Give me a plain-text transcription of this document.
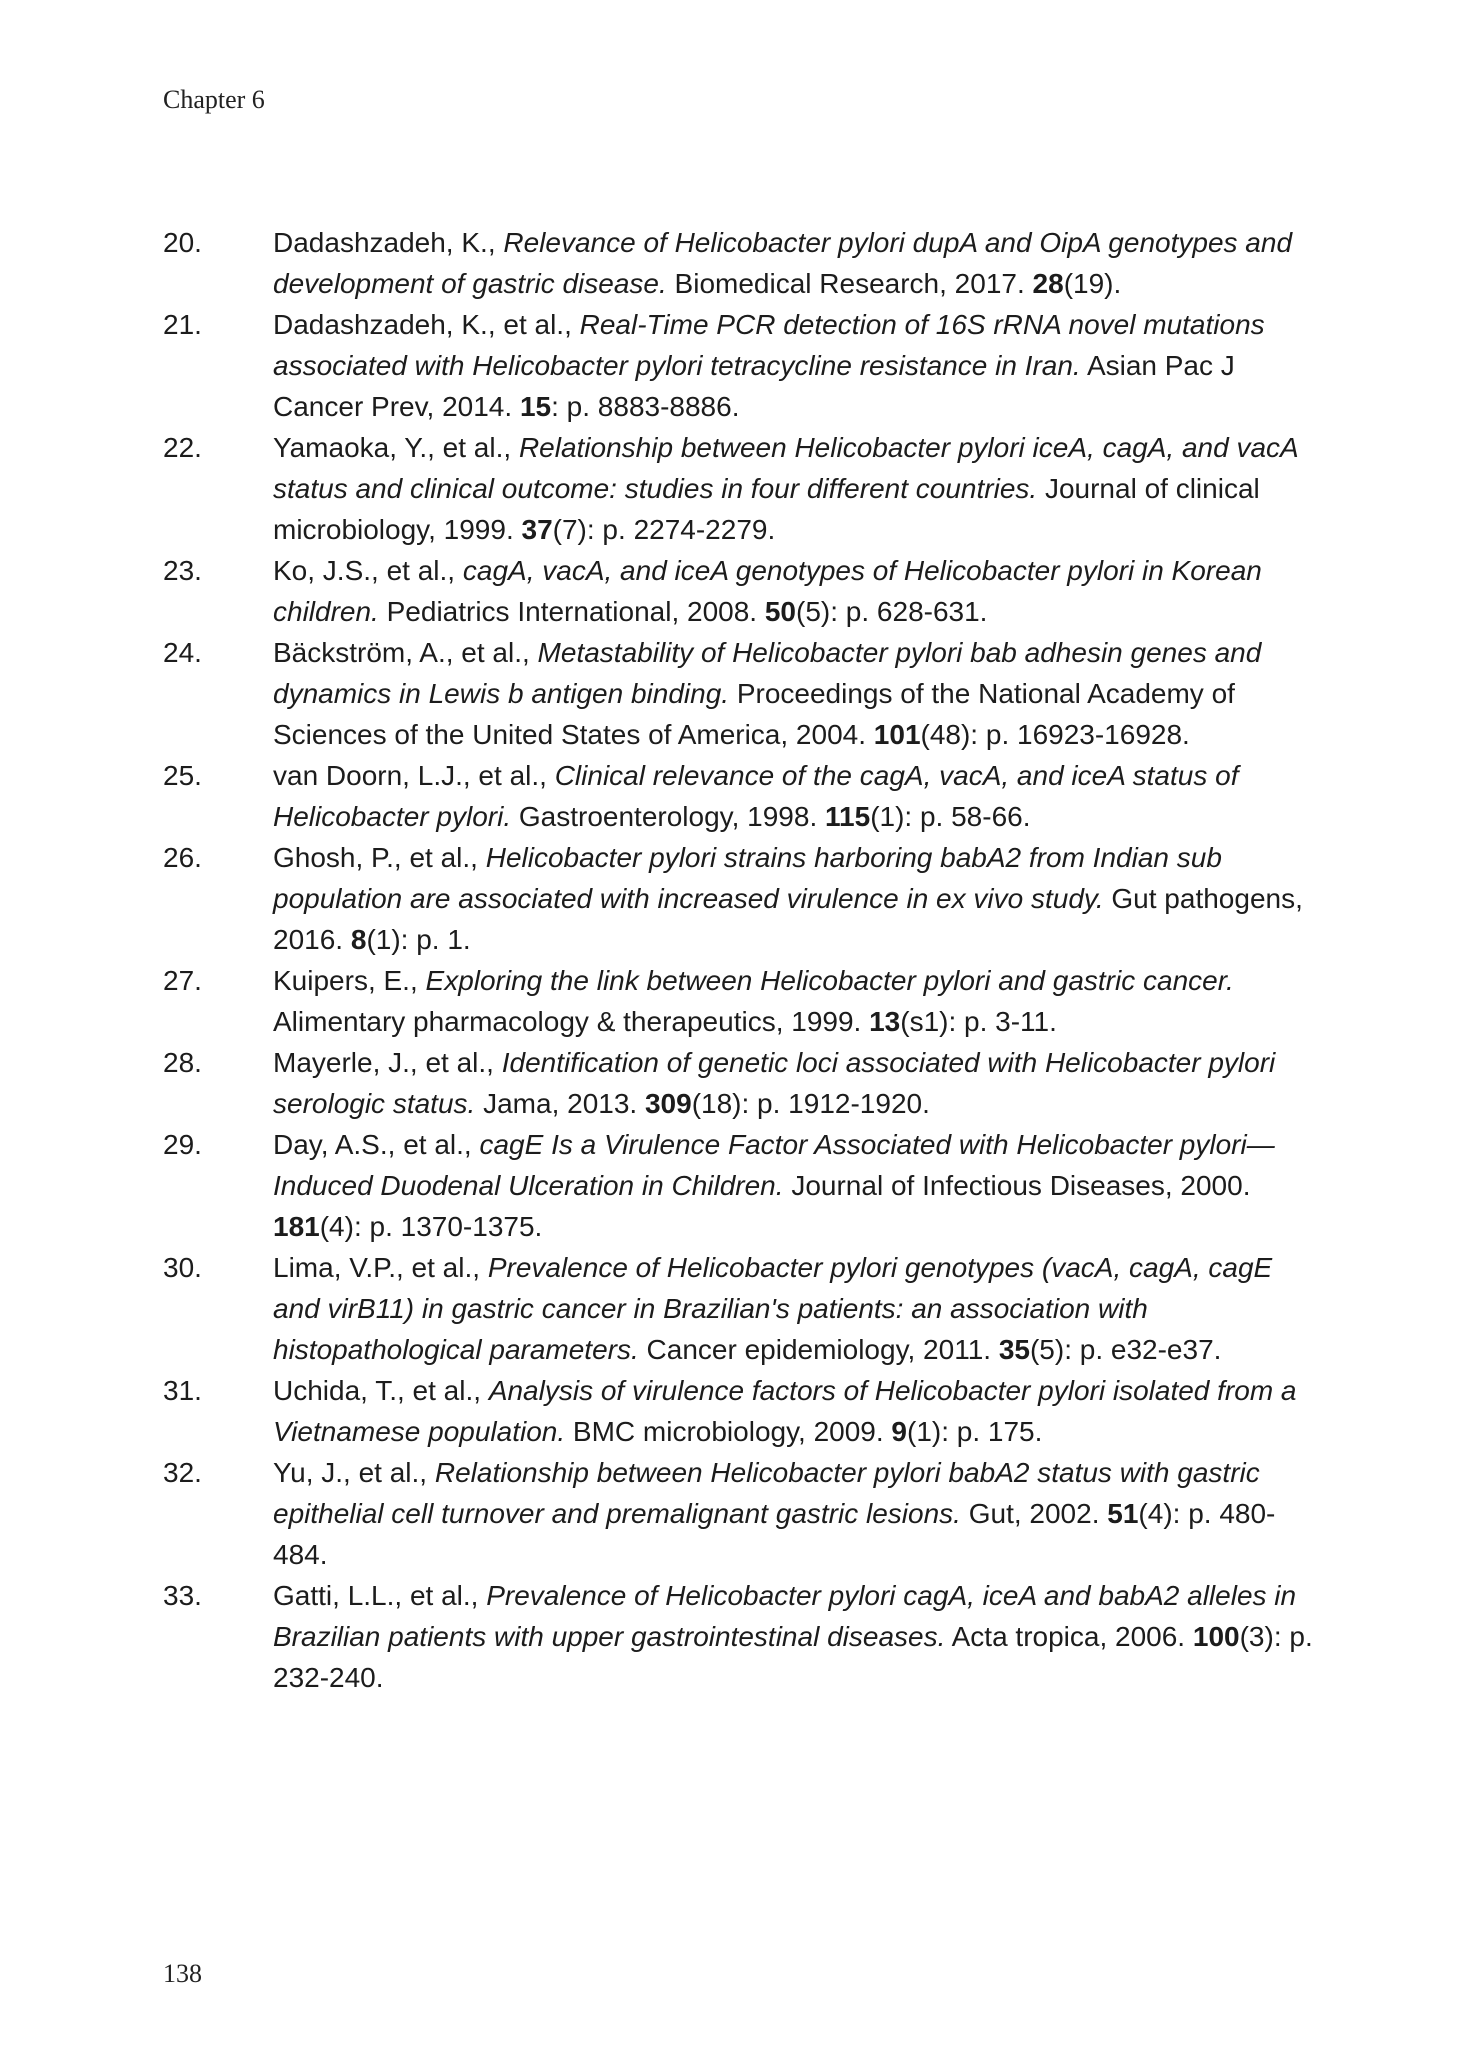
Chapter 6
20.	Dadashzadeh, K., Relevance of Helicobacter pylori dupA and OipA genotypes and development of gastric disease. Biomedical Research, 2017. 28(19).
21.	Dadashzadeh, K., et al., Real-Time PCR detection of 16S rRNA novel mutations associated with Helicobacter pylori tetracycline resistance in Iran. Asian Pac J Cancer Prev, 2014. 15: p. 8883-8886.
22.	Yamaoka, Y., et al., Relationship between Helicobacter pylori iceA, cagA, and vacA status and clinical outcome: studies in four different countries. Journal of clinical microbiology, 1999. 37(7): p. 2274-2279.
23.	Ko, J.S., et al., cagA, vacA, and iceA genotypes of Helicobacter pylori in Korean children. Pediatrics International, 2008. 50(5): p. 628-631.
24.	Bäckström, A., et al., Metastability of Helicobacter pylori bab adhesin genes and dynamics in Lewis b antigen binding. Proceedings of the National Academy of Sciences of the United States of America, 2004. 101(48): p. 16923-16928.
25.	van Doorn, L.J., et al., Clinical relevance of the cagA, vacA, and iceA status of Helicobacter pylori. Gastroenterology, 1998. 115(1): p. 58-66.
26.	Ghosh, P., et al., Helicobacter pylori strains harboring babA2 from Indian sub population are associated with increased virulence in ex vivo study. Gut pathogens, 2016. 8(1): p. 1.
27.	Kuipers, E., Exploring the link between Helicobacter pylori and gastric cancer. Alimentary pharmacology & therapeutics, 1999. 13(s1): p. 3-11.
28.	Mayerle, J., et al., Identification of genetic loci associated with Helicobacter pylori serologic status. Jama, 2013. 309(18): p. 1912-1920.
29.	Day, A.S., et al., cagE Is a Virulence Factor Associated with Helicobacter pylori—Induced Duodenal Ulceration in Children. Journal of Infectious Diseases, 2000. 181(4): p. 1370-1375.
30.	Lima, V.P., et al., Prevalence of Helicobacter pylori genotypes (vacA, cagA, cagE and virB11) in gastric cancer in Brazilian's patients: an association with histopathological parameters. Cancer epidemiology, 2011. 35(5): p. e32-e37.
31.	Uchida, T., et al., Analysis of virulence factors of Helicobacter pylori isolated from a Vietnamese population. BMC microbiology, 2009. 9(1): p. 175.
32.	Yu, J., et al., Relationship between Helicobacter pylori babA2 status with gastric epithelial cell turnover and premalignant gastric lesions. Gut, 2002. 51(4): p. 480-484.
33.	Gatti, L.L., et al., Prevalence of Helicobacter pylori cagA, iceA and babA2 alleles in Brazilian patients with upper gastrointestinal diseases. Acta tropica, 2006. 100(3): p. 232-240.
138
